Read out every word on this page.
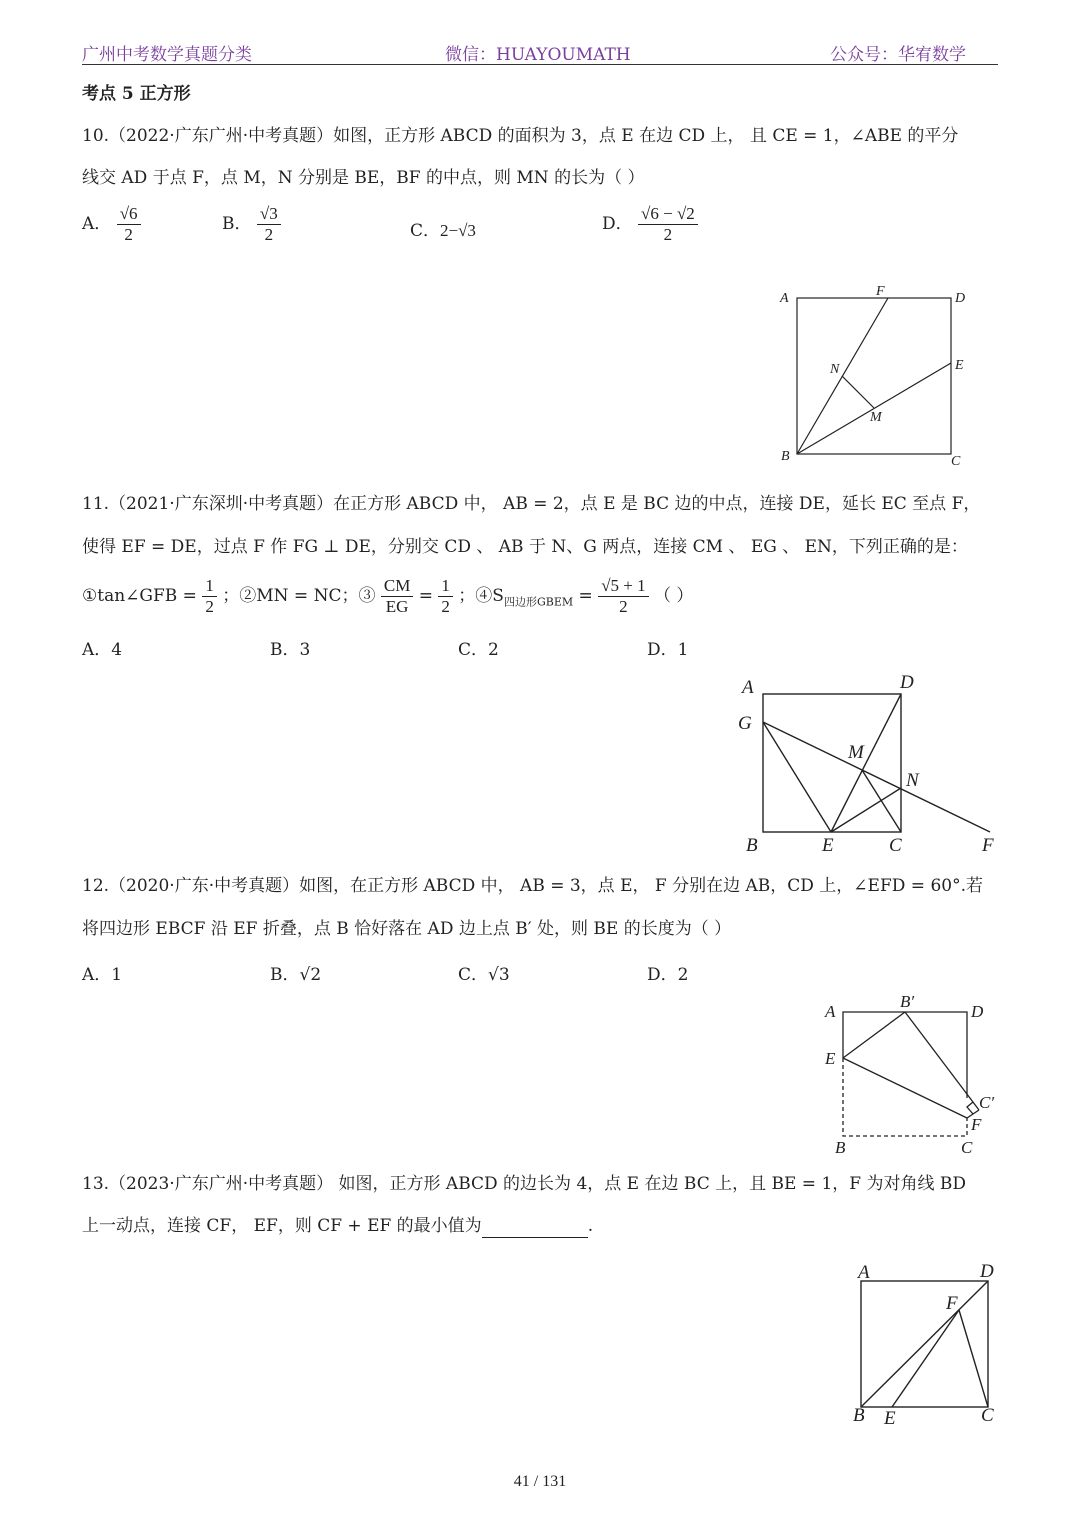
广州中考数学真题分类	微信：HUAYOUMATH	公众号：华宥数学
考点 5 正方形
10.（2022·广东广州·中考真题）如图，正方形 ABCD 的面积为 3，点 E 在边 CD 上， 且 CE = 1，∠ABE 的平分
线交 AD 于点 F，点 M，N 分别是 BE，BF 的中点，则 MN 的长为（ ）
A． $\frac{√6}{2}$	B． $\frac{√3}{2}$	C．2−√3	D． $\frac{√6 - √2}{2}$
A	F	D
E
N
M
B	C
11.（2021·广东深圳·中考真题）在正方形 ABCD 中， AB = 2，点 E 是 BC 边的中点，连接 DE，延长 EC 至点 F，
使得 EF = DE，过点 F 作 FG ⊥ DE，分别交 CD 、 AB 于 N、G 两点，连接 CM 、 EG 、 EN，下列正确的是：
①tan∠GFB = $\frac{1}{2}$ ；②MN = NC；③ $\frac{CM}{EG} = \frac{1}{2}$ ；$④S_{四边形GBEM} = \frac{√5 + 1}{2}$ （ ）
A．4	B．3	C．2	D．1
A	D
G
M
N
B	E	C	F
12.（2020·广东·中考真题）如图，在正方形 ABCD 中， AB = 3，点 E， F 分别在边 AB，CD 上，∠EFD = 60°.若
将四边形 EBCF 沿 EF 折叠，点 B 恰好落在 AD 边上点 B′ 处，则 BE 的长度为（ ）
A．1	B．√2	C．√3	D．2
A
B′
D
E
C′
F
B	C
13.（2023·广东广州·中考真题） 如图，正方形 ABCD 的边长为 4，点 E 在边 BC 上，且 BE = 1，F 为对角线 BD
上一动点，连接 CF， EF，则 CF + EF 的最小值为	.
A	D
F
B E	C
41 / 131
